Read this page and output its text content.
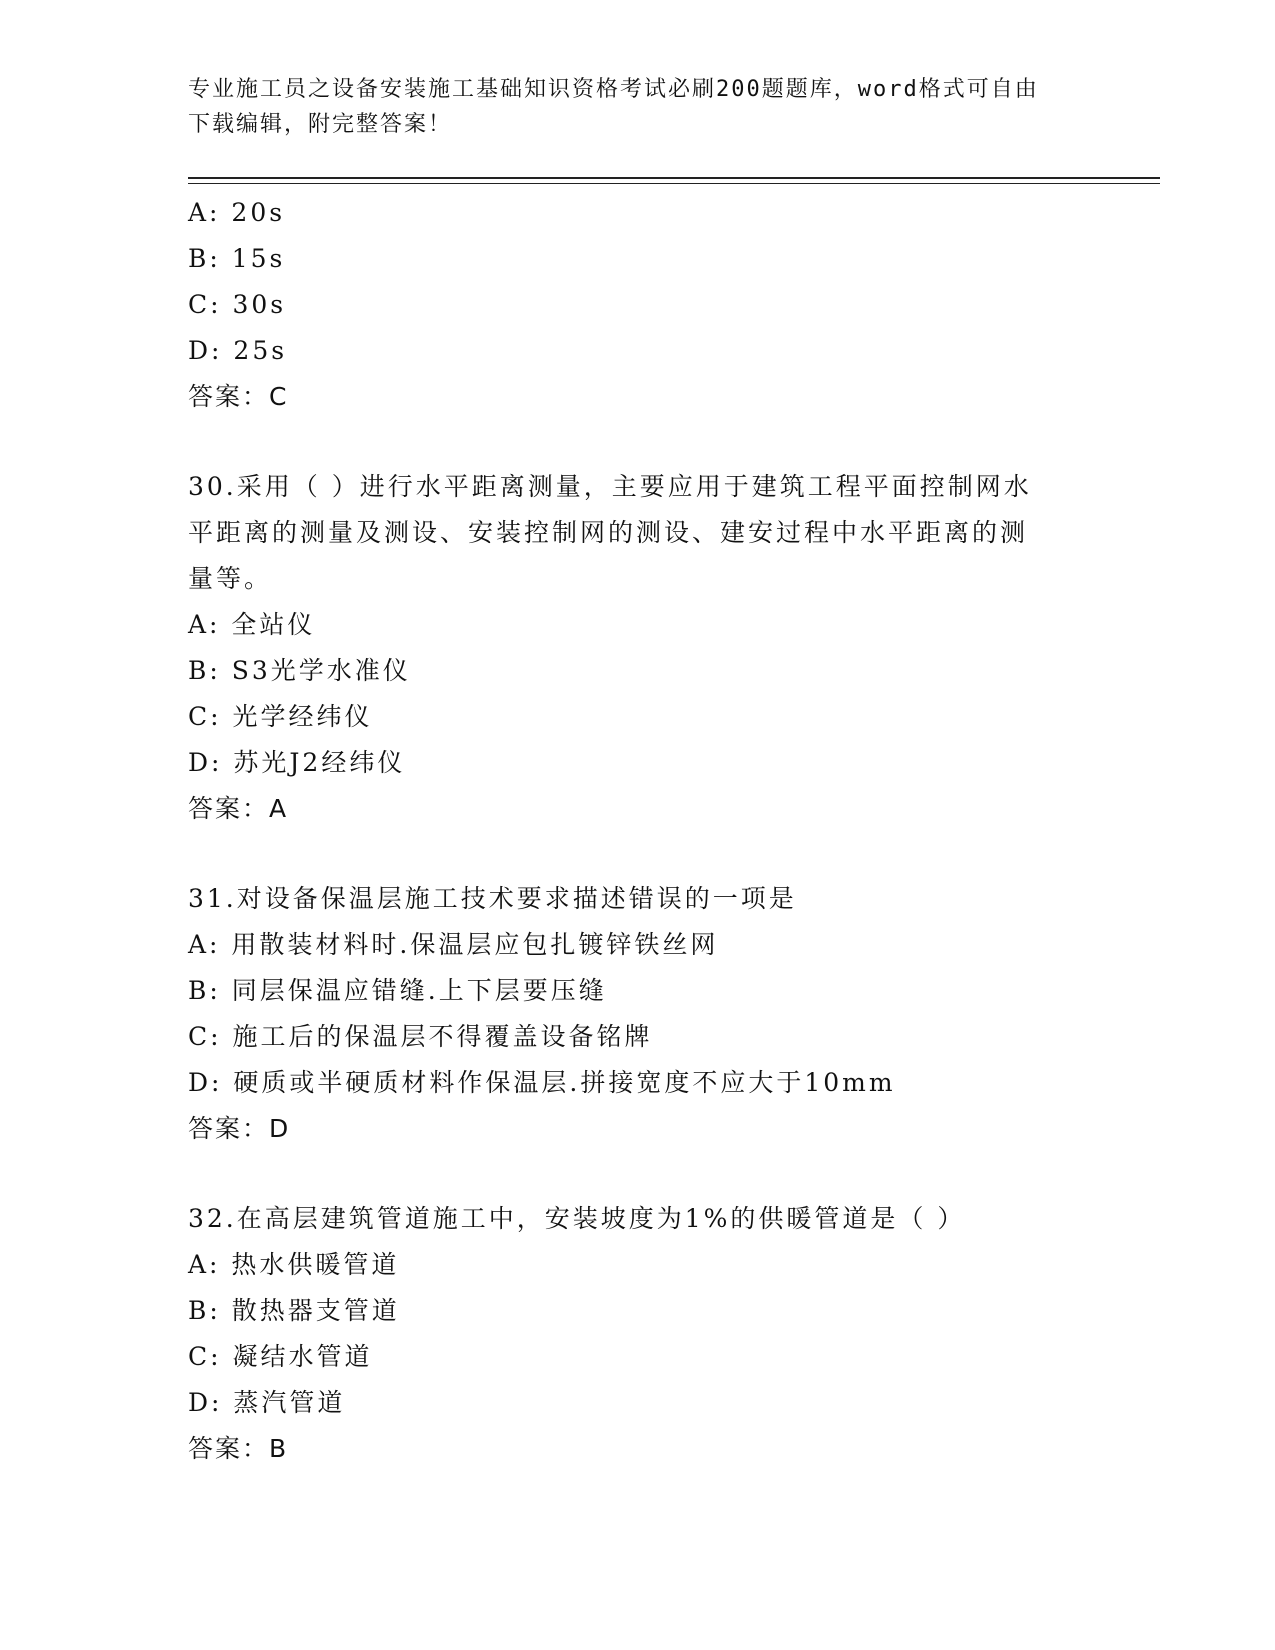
专业施工员之设备安装施工基础知识资格考试必刷200题题库，word格式可自由
下载编辑，附完整答案！
A: 20s
B: 15s
C: 30s
D: 25s
答案：C
30.采用（ ）进行水平距离测量，主要应用于建筑工程平面控制网水
平距离的测量及测设、安装控制网的测设、建安过程中水平距离的测
量等。
A: 全站仪
B: S3光学水准仪
C: 光学经纬仪
D: 苏光J2经纬仪
答案：A
31.对设备保温层施工技术要求描述错误的一项是
A: 用散装材料时.保温层应包扎镀锌铁丝网
B: 同层保温应错缝.上下层要压缝
C: 施工后的保温层不得覆盖设备铭牌
D: 硬质或半硬质材料作保温层.拼接宽度不应大于10mm
答案：D
32.在高层建筑管道施工中，安装坡度为1%的供暖管道是（ ）
A: 热水供暖管道
B: 散热器支管道
C: 凝结水管道
D: 蒸汽管道
答案：B
